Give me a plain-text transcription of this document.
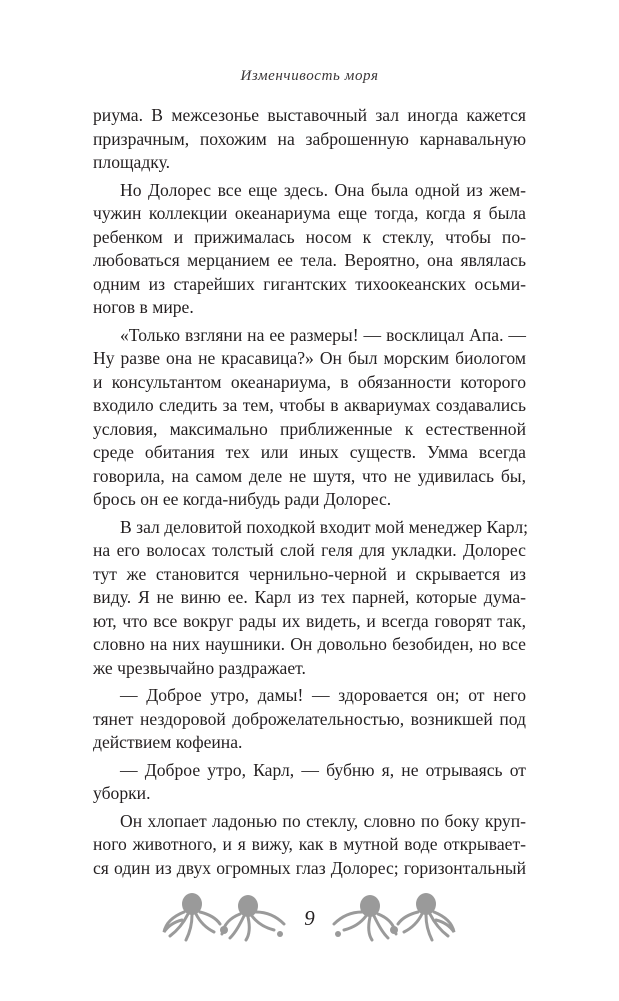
Изменчивость моря
риума. В межсезонье выставочный зал иногда кажется
призрачным, похожим на заброшенную карнавальную
площадку.
Но Долорес все еще здесь. Она была одной из жем-
чужин коллекции океанариума еще тогда, когда я была
ребенком и прижималась носом к стеклу, чтобы по-
любоваться мерцанием ее тела. Вероятно, она являлась
одним из старейших гигантских тихоокеанских осьми-
ногов в мире.
«Только взгляни на ее размеры! — восклицал Апа. —
Ну разве она не красавица?» Он был морским биологом
и консультантом океанариума, в обязанности которого
входило следить за тем, чтобы в аквариумах создавались
условия, максимально приближенные к естественной
среде обитания тех или иных существ. Умма всегда
говорила, на самом деле не шутя, что не удивилась бы,
брось он ее когда-нибудь ради Долорес.
В зал деловитой походкой входит мой менеджер Карл;
на его волосах толстый слой геля для укладки. Долорес
тут же становится чернильно-черной и скрывается из
виду. Я не виню ее. Карл из тех парней, которые дума-
ют, что все вокруг рады их видеть, и всегда говорят так,
словно на них наушники. Он довольно безобиден, но все
же чрезвычайно раздражает.
— Доброе утро, дамы! — здоровается он; от него
тянет нездоровой доброжелательностью, возникшей под
действием кофеина.
— Доброе утро, Карл, — бубню я, не отрываясь от
уборки.
Он хлопает ладонью по стеклу, словно по боку круп-
ного животного, и я вижу, как в мутной воде открывает-
ся один из двух огромных глаз Долорес; горизонтальный
9
